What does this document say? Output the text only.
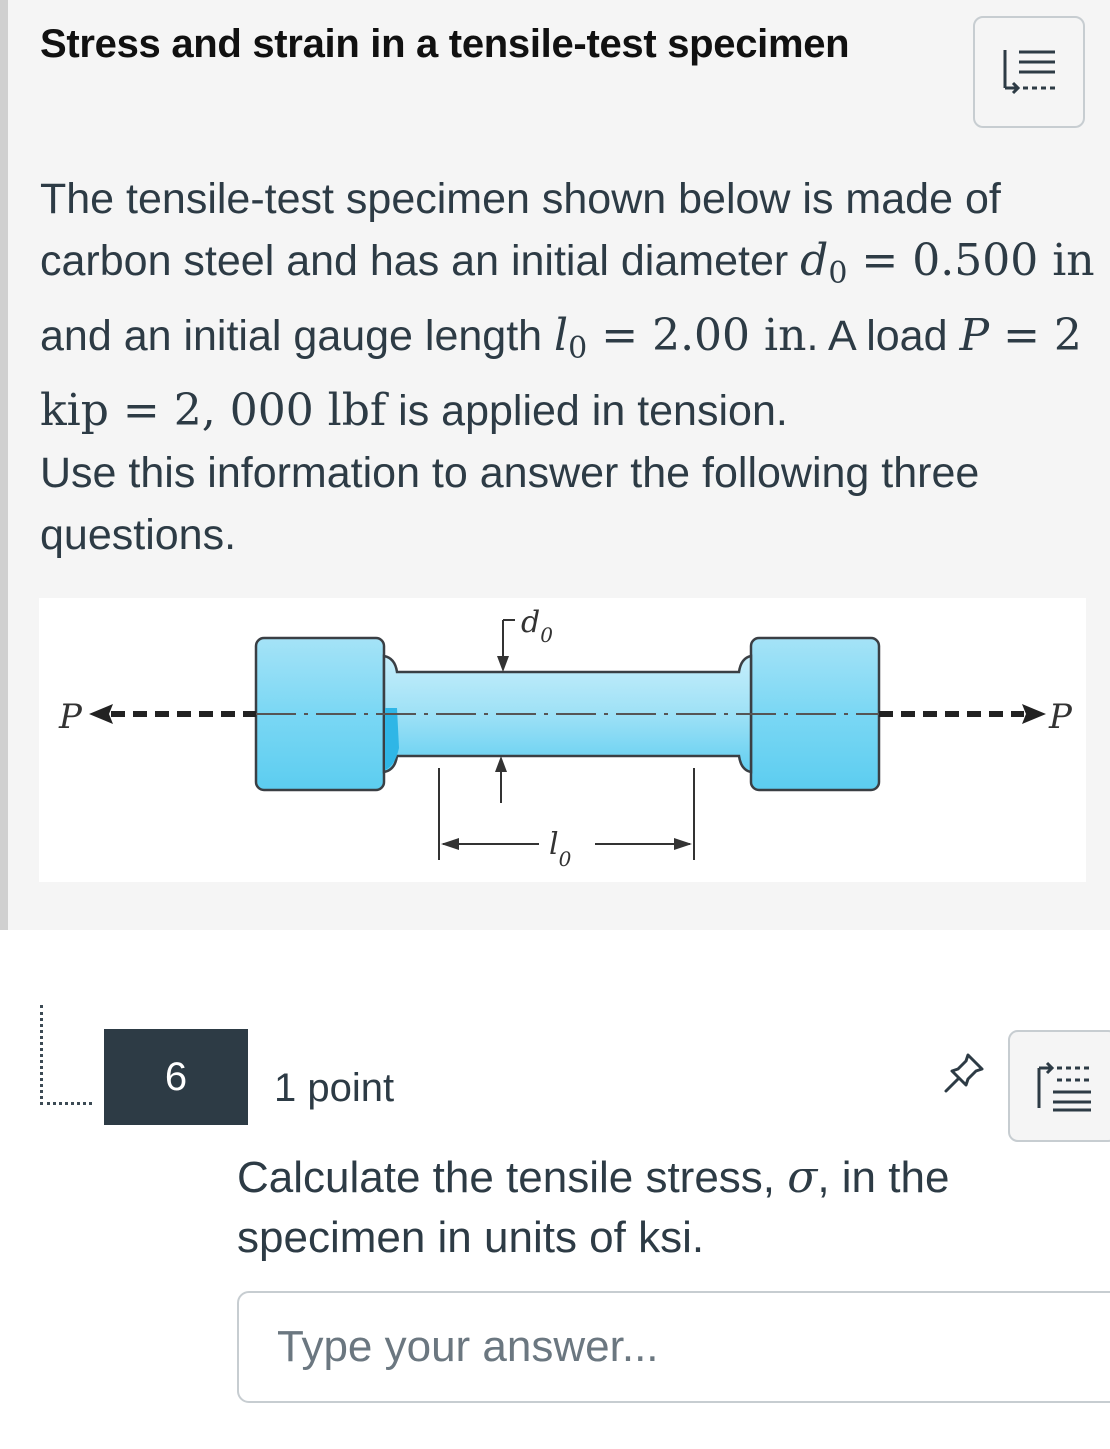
Stress and strain in a tensile-test specimen

The tensile-test specimen shown below is made of carbon steel and has an initial diameter $d_0 = 0.500$ in and an initial gauge length $l_0 = 2.00$ in. A load P = 2 kip = 2, 000 lbf is applied in tension.

Use this information to answer the following three questions.

P	P
$d_0$
$l_0$
6	1 point

Calculate the tensile stress, σ, in the specimen in units of ksi.

Type your answer...
